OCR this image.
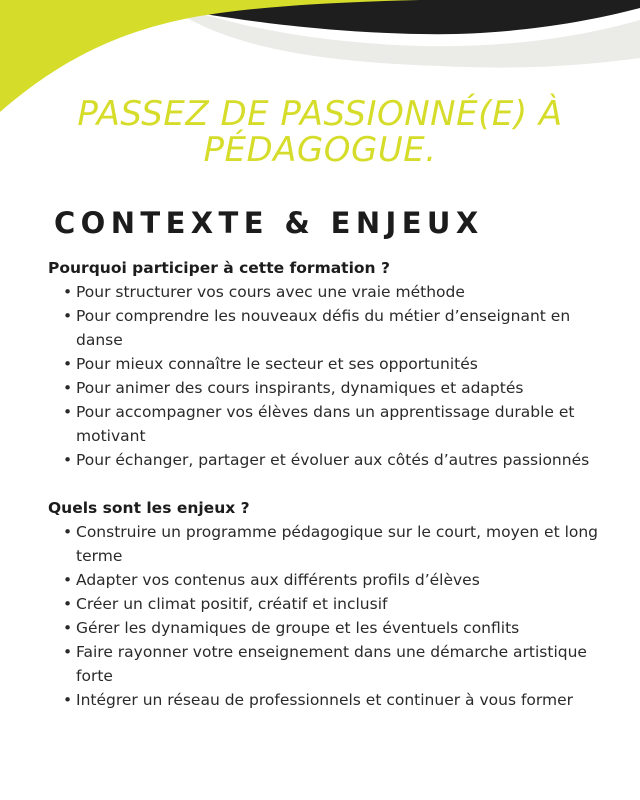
PASSEZ DE PASSIONNÉ(E) À
PÉDAGOGUE.
CONTEXTE & ENJEUX

Pourquoi participer à cette formation ?

• Pour structurer vos cours avec une vraie méthode
• Pour comprendre les nouveaux défis du métier d’enseignant en danse
• Pour mieux connaître le secteur et ses opportunités
• Pour animer des cours inspirants, dynamiques et adaptés
• Pour accompagner vos élèves dans un apprentissage durable et motivant
• Pour échanger, partager et évoluer aux côtés d’autres passionnés

Quels sont les enjeux ?

• Construire un programme pédagogique sur le court, moyen et long terme
• Adapter vos contenus aux différents profils d’élèves
• Créer un climat positif, créatif et inclusif
• Gérer les dynamiques de groupe et les éventuels conflits
• Faire rayonner votre enseignement dans une démarche artistique forte
• Intégrer un réseau de professionnels et continuer à vous former
